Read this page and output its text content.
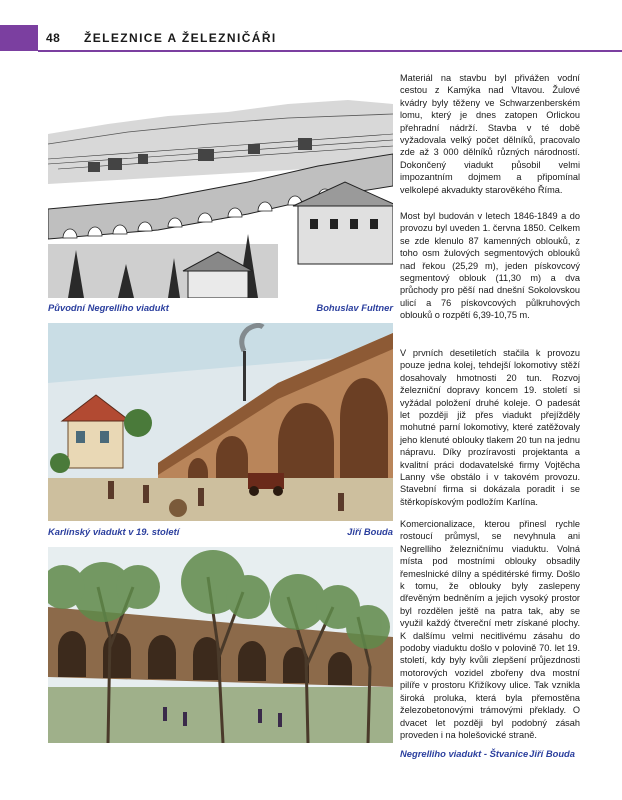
48 ŽELEZNICE A ŽELEZNIČÁŘI
Původní Negrelliho viadukt	Bohuslav Fultner
Karlínský viadukt v 19. století	Jiří Bouda
Negrelliho viadukt - Štvanice Jiří Bouda

Materiál na stavbu byl přivážen vodní cestou z Kamýka nad Vltavou. Žulové kvádry byly těženy ve Schwarzenberském lomu, který je dnes zatopen Orlickou přehradní nádrží. Stavba v té době vyžadovala velký počet dělníků, pracovalo zde až 3 000 dělníků různých národností. Dokončený viadukt působil velmi impozantním dojmem a připomínal velkolepé akvadukty starověkého Říma.

Most byl budován v letech 1846-1849 a do provozu byl uveden 1. června 1850. Celkem se zde klenulo 87 kamenných oblouků, z toho osm žulových segmentových oblouků nad řekou (25,29 m), jeden pískovcový segmentový oblouk (11,30 m) a dva průchody pro pěší nad dnešní Sokolovskou ulicí a 76 pískovcových půlkruhových oblouků o rozpětí 6,39-10,75 m.

V prvních desetiletích stačila k provozu pouze jedna kolej, tehdejší lokomotivy stěží dosahovaly hmotnosti 20 tun. Rozvoj železniční dopravy koncem 19. století si vyžádal položení druhé koleje. O padesát let později již přes viadukt přejížděly mohutné parní lokomotivy, které zatěžovaly jeho klenuté oblouky tlakem 20 tun na jednu nápravu. Díky prozíravosti projektanta a kvalitní práci dodavatelské firmy Vojtěcha Lanny vše obstálo i v takovém provozu. Stavební firma si dokázala poradit i se štěrkopískovým podložím Karlína.

Komercionalizace, kterou přinesl rychle rostoucí průmysl, se nevyhnula ani Negrelliho železničnímu viaduktu. Volná místa pod mostními oblouky obsadily řemeslnické dílny a spéditérské firmy. Došlo k tomu, že oblouky byly zaslepeny dřevěným bedněním a jejich vysoký prostor byl rozdělen ještě na patra tak, aby se využil každý čtvereční metr získané plochy. K dalšímu velmi necitlivému zásahu do podoby viaduktu došlo v polovině 70. let 19. století, kdy byly kvůli zlepšení průjezdnosti motorových vozidel zbořeny dva mostní pilíře v prostoru Křižíkovy ulice. Tak vznikla široká proluka, která byla přemostěna železobetonovými trámovými překlady. O dvacet let později byl podobný zásah proveden i na holešovické straně.
